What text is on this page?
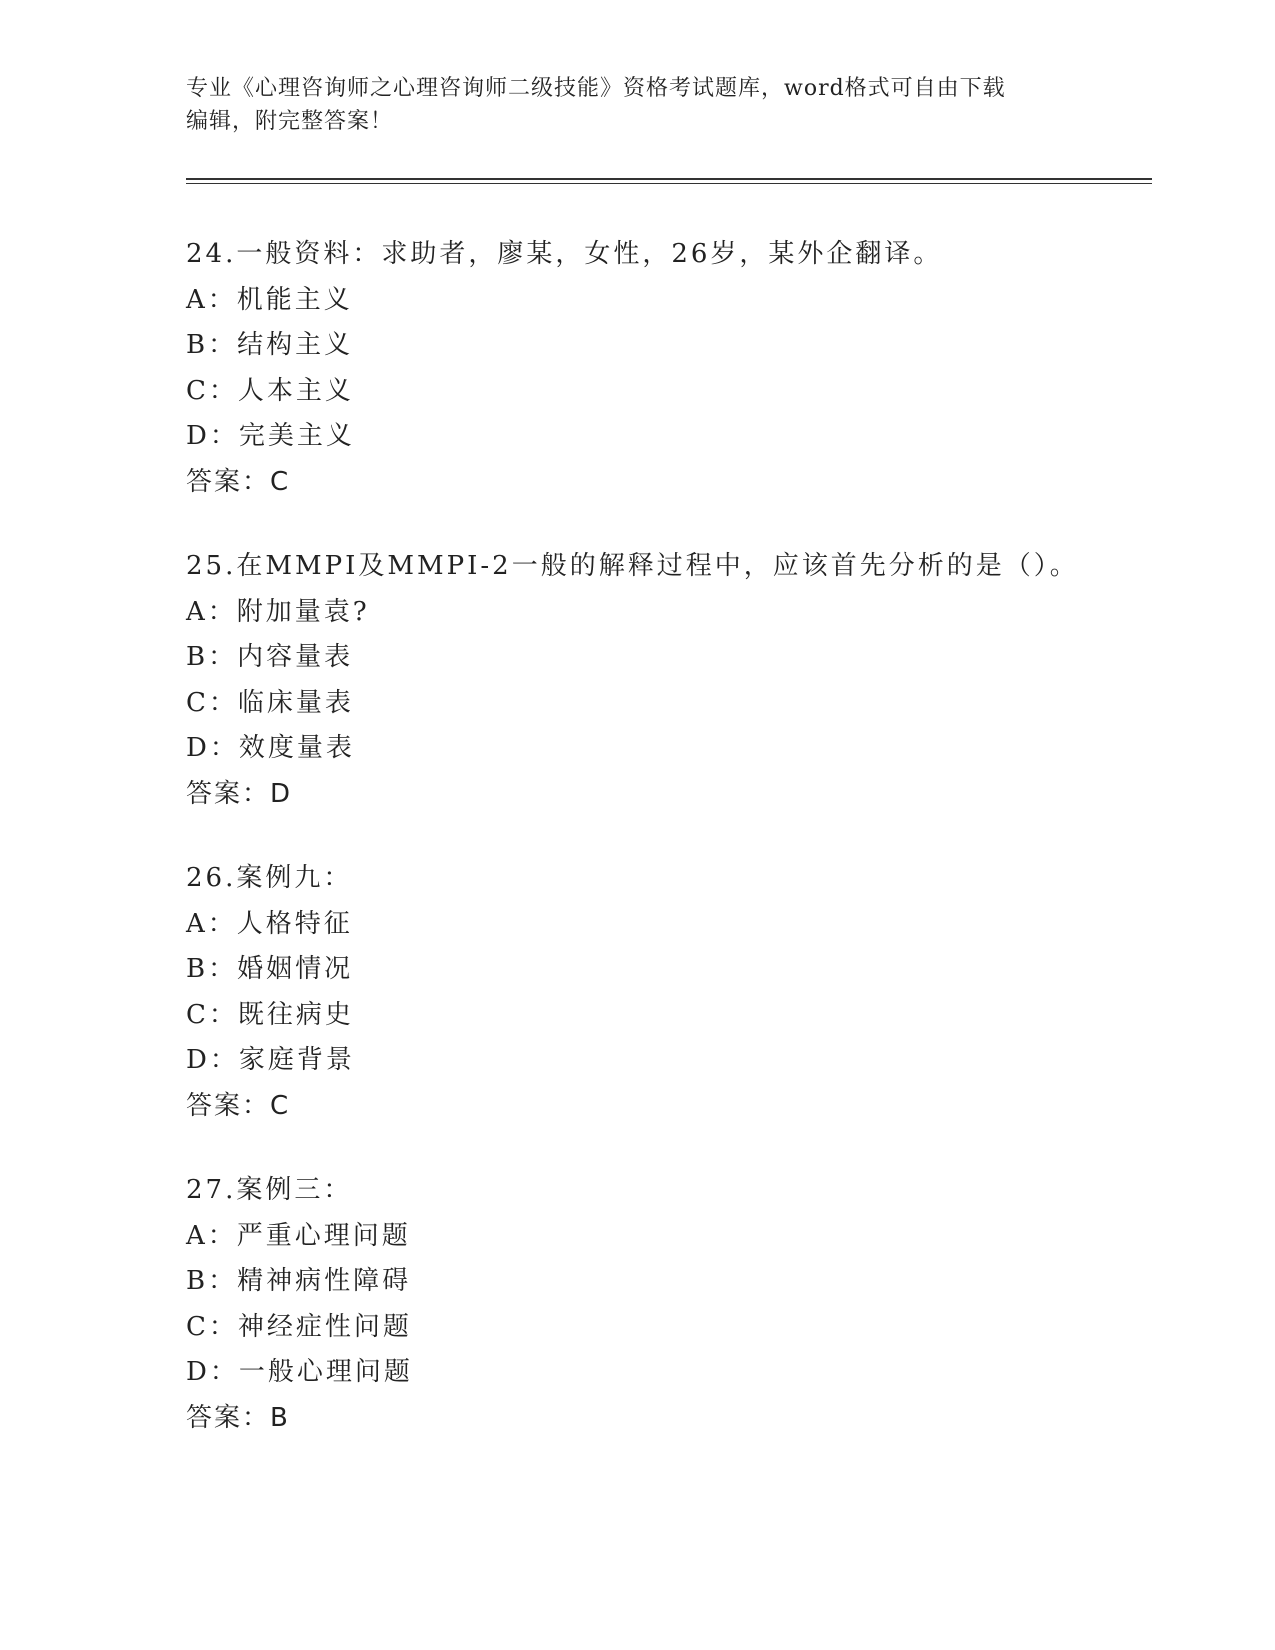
专业《心理咨询师之心理咨询师二级技能》资格考试题库，word格式可自由下载
编辑，附完整答案！
24.一般资料：求助者，廖某，女性，26岁，某外企翻译。
A：机能主义
B：结构主义
C：人本主义
D：完美主义
答案：C
25.在MMPI及MMPI-2一般的解释过程中，应该首先分析的是（）。
A：附加量袁?
B：内容量表
C：临床量表
D：效度量表
答案：D
26.案例九：
A：人格特征
B：婚姻情况
C：既往病史
D：家庭背景
答案：C
27.案例三：
A：严重心理问题
B：精神病性障碍
C：神经症性问题
D：一般心理问题
答案：B
